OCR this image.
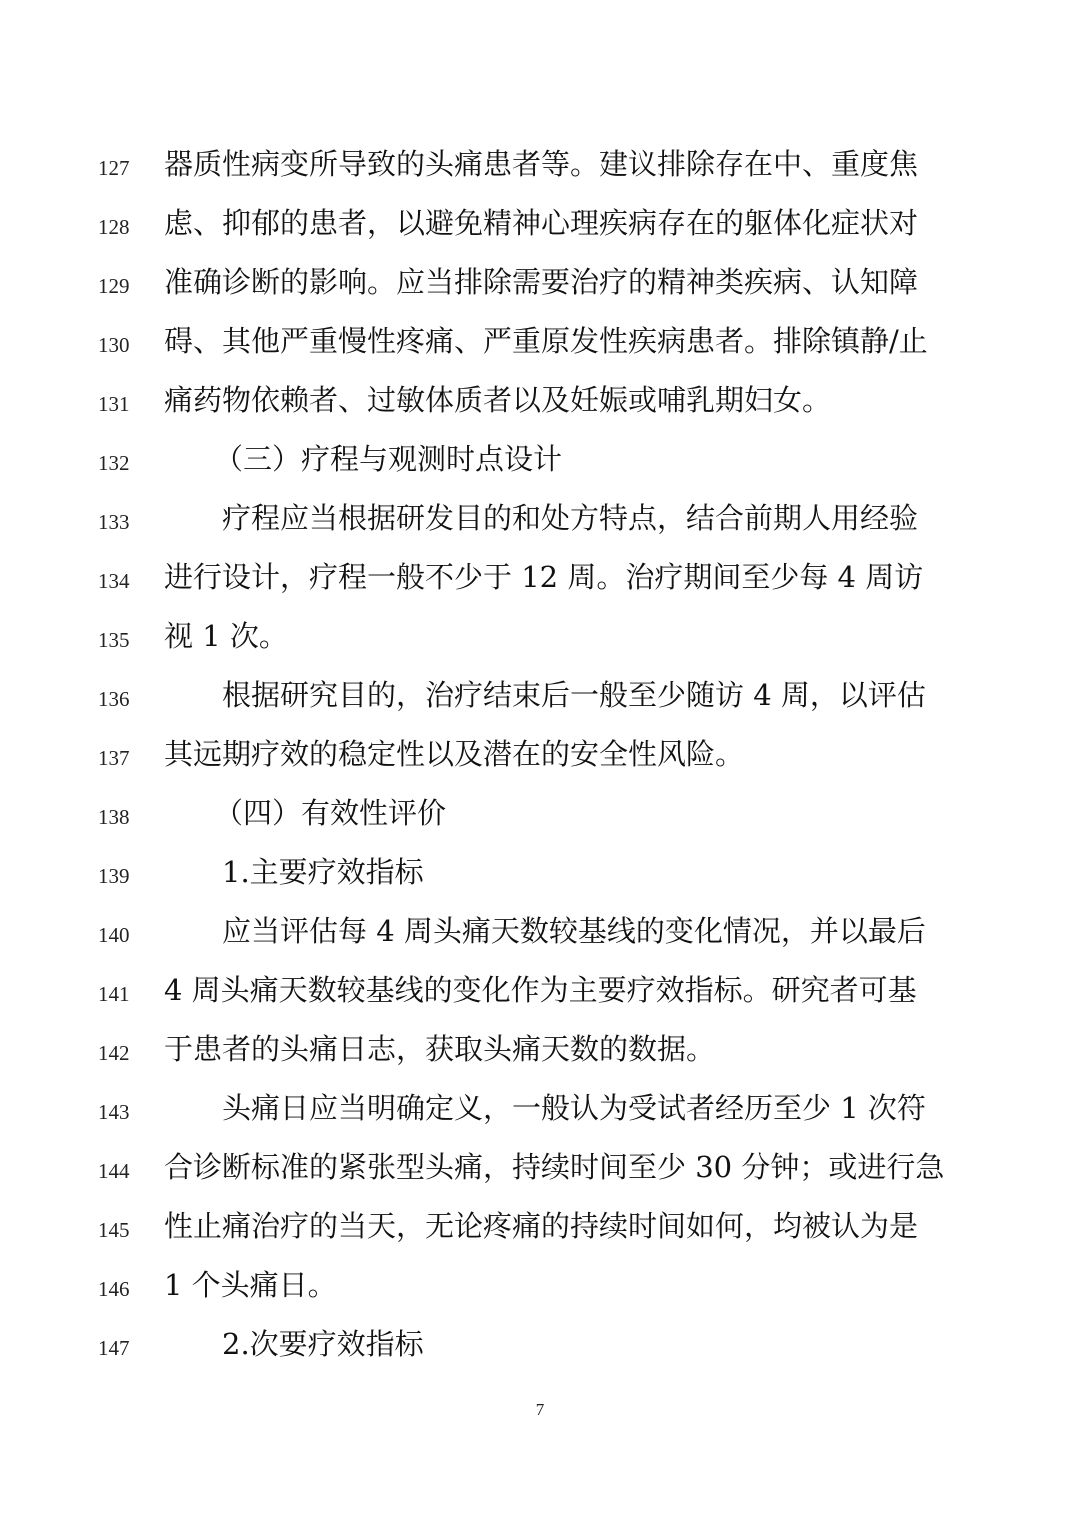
127 器质性病变所导致的头痛患者等。建议排除存在中、重度焦
128 虑、抑郁的患者，以避免精神心理疾病存在的躯体化症状对
129 准确诊断的影响。应当排除需要治疗的精神类疾病、认知障
130 碍、其他严重慢性疼痛、严重原发性疾病患者。排除镇静/止
131 痛药物依赖者、过敏体质者以及妊娠或哺乳期妇女。
132	（三）疗程与观测时点设计
133	疗程应当根据研发目的和处方特点，结合前期人用经验
134 进行设计，疗程一般不少于 12 周。治疗期间至少每 4 周访
135 视 1 次。
136	根据研究目的，治疗结束后一般至少随访 4 周，以评估
137 其远期疗效的稳定性以及潜在的安全性风险。
138	（四）有效性评价
139	1.主要疗效指标
140	应当评估每 4 周头痛天数较基线的变化情况，并以最后
141 4 周头痛天数较基线的变化作为主要疗效指标。研究者可基
142 于患者的头痛日志，获取头痛天数的数据。
143	头痛日应当明确定义，一般认为受试者经历至少 1 次符
144 合诊断标准的紧张型头痛，持续时间至少 30 分钟；或进行急
145 性止痛治疗的当天，无论疼痛的持续时间如何，均被认为是
146 1 个头痛日。
147	2.次要疗效指标
7
